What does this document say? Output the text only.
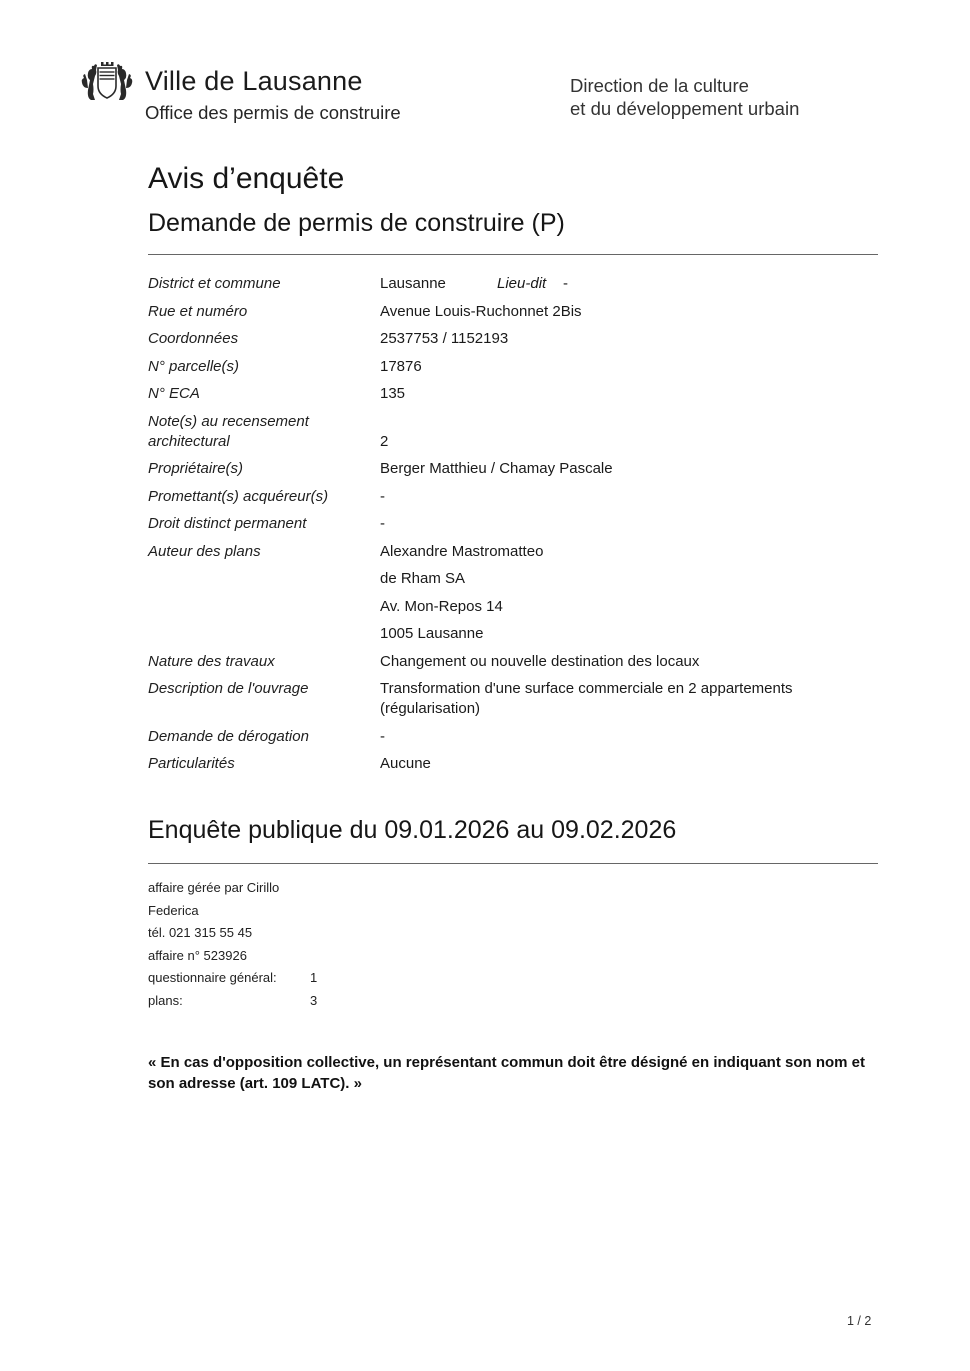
Ville de Lausanne
Office des permis de construire
Direction de la culture
et du développement urbain
Avis d’enquête
Demande de permis de construire (P)
District et commune	Lausanne	Lieu-dit -
Rue et numéro	Avenue Louis-Ruchonnet 2Bis
Coordonnées	2537753 / 1152193
N° parcelle(s)	17876
N° ECA	135
Note(s) au recensement
architectural	2
Propriétaire(s)	Berger Matthieu / Chamay Pascale
Promettant(s) acquéreur(s)	-
Droit distinct permanent	-
Auteur des plans	Alexandre Mastromatteo
de Rham SA
Av. Mon-Repos 14
1005 Lausanne
Nature des travaux	Changement ou nouvelle destination des locaux
Description de l'ouvrage	Transformation d'une surface commerciale en 2 appartements (régularisation)
Demande de dérogation	-
Particularités	Aucune
Enquête publique du 09.01.2026 au 09.02.2026
affaire gérée par Cirillo Federica
tél. 021 315 55 45
affaire n° 523926
questionnaire général:	1
plans:	3
« En cas d'opposition collective, un représentant commun doit être désigné en indiquant son nom et son adresse (art. 109 LATC). »
1 / 2
